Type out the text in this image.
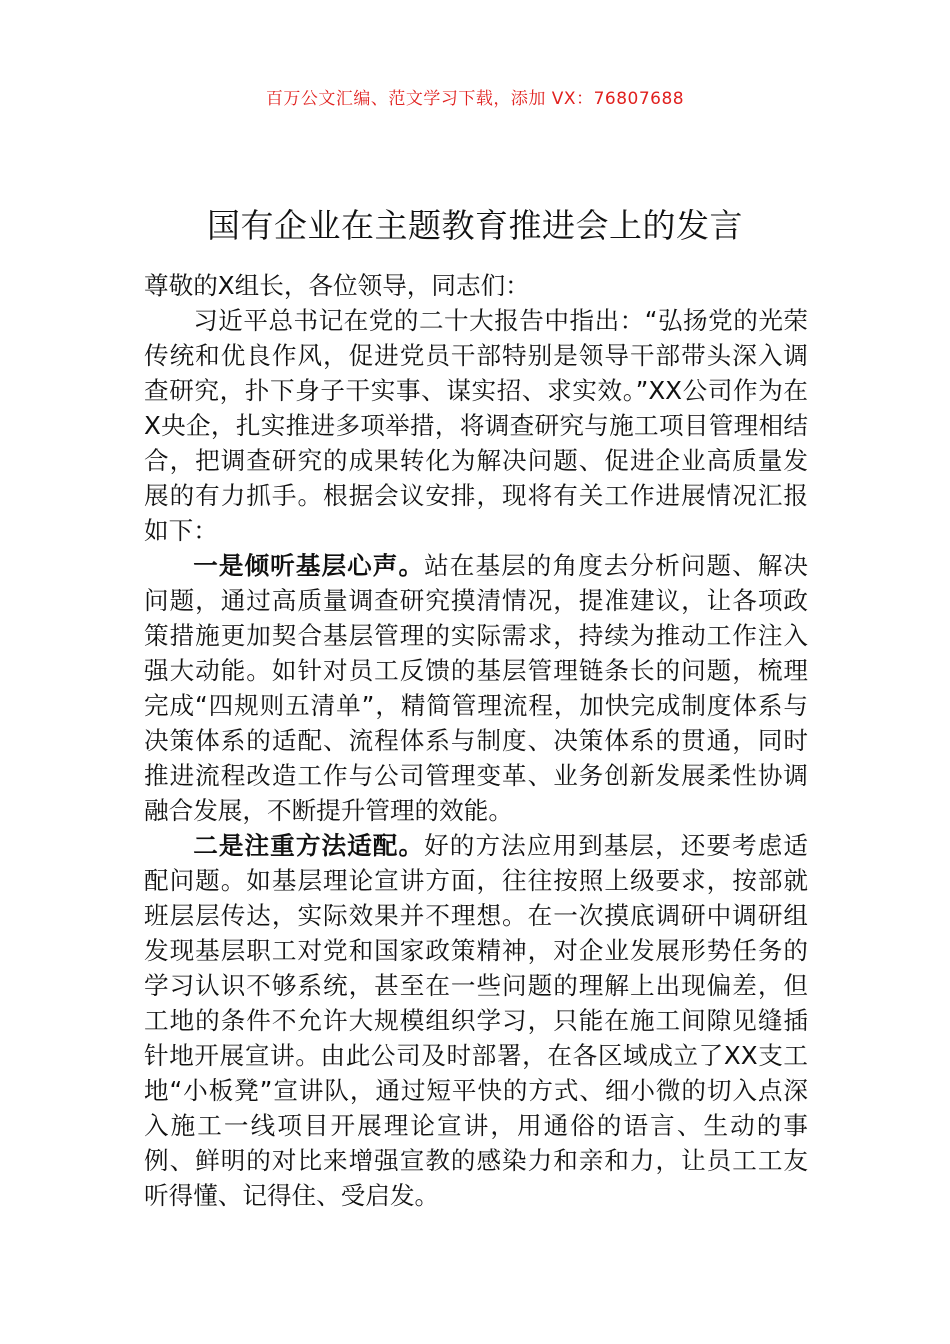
百万公文汇编、范文学习下载，添加 VX：76807688
国有企业在主题教育推进会上的发言

尊敬的X组长，各位领导，同志们：

习近平总书记在党的二十大报告中指出：“弘扬党的光荣传统和优良作风，促进党员干部特别是领导干部带头深入调查研究，扑下身子干实事、谋实招、求实效。”XX公司作为在X央企，扎实推进多项举措，将调查研究与施工项目管理相结合，把调查研究的成果转化为解决问题、促进企业高质量发展的有力抓手。根据会议安排，现将有关工作进展情况汇报如下：

一是倾听基层心声。站在基层的角度去分析问题、解决问题，通过高质量调查研究摸清情况，提准建议，让各项政策措施更加契合基层管理的实际需求，持续为推动工作注入强大动能。如针对员工反馈的基层管理链条长的问题，梳理完成“四规则五清单”，精简管理流程，加快完成制度体系与决策体系的适配、流程体系与制度、决策体系的贯通，同时推进流程改造工作与公司管理变革、业务创新发展柔性协调融合发展，不断提升管理的效能。

二是注重方法适配。好的方法应用到基层，还要考虑适配问题。如基层理论宣讲方面，往往按照上级要求，按部就班层层传达，实际效果并不理想。在一次摸底调研中调研组发现基层职工对党和国家政策精神，对企业发展形势任务的学习认识不够系统，甚至在一些问题的理解上出现偏差，但工地的条件不允许大规模组织学习，只能在施工间隙见缝插针地开展宣讲。由此公司及时部署，在各区域成立了XX支工地“小板凳”宣讲队，通过短平快的方式、细小微的切入点深入施工一线项目开展理论宣讲，用通俗的语言、生动的事例、鲜明的对比来增强宣教的感染力和亲和力，让员工工友听得懂、记得住、受启发。
